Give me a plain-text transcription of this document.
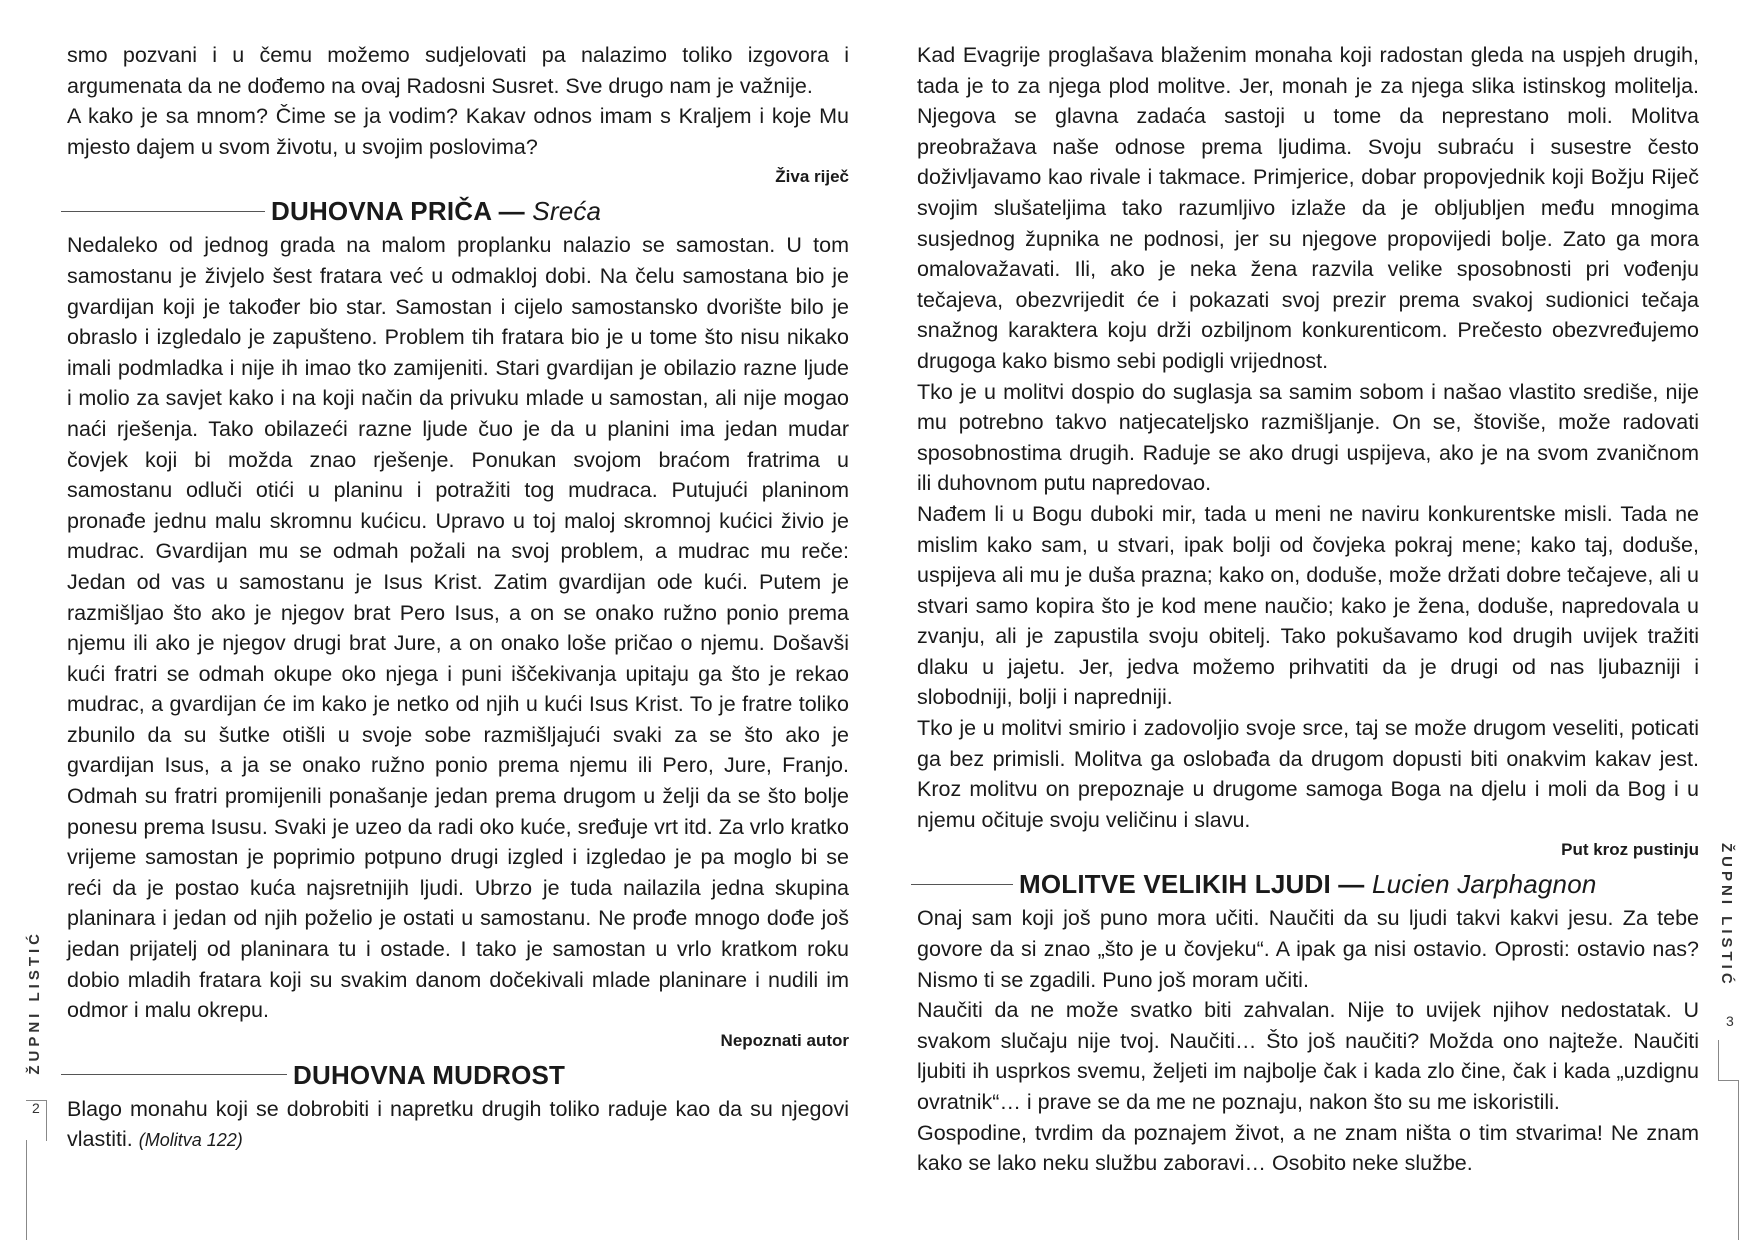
smo pozvani i u čemu možemo sudjelovati pa nalazimo toliko izgovora i argumenata da ne dođemo na ovaj Radosni Susret. Sve drugo nam je važnije.

A kako je sa mnom? Čime se ja vodim? Kakav odnos imam s Kraljem i koje Mu mjesto dajem u svom životu, u svojim poslovima?

Živa riječ
DUHOVNA PRIČA — Sreća

Nedaleko od jednog grada na malom proplanku nalazio se samostan. U tom samostanu je živjelo šest fratara već u odmakloj dobi. Na čelu samostana bio je gvardijan koji je također bio star. Samostan i cijelo samostansko dvorište bilo je obraslo i izgledalo je zapušteno. Problem tih fratara bio je u tome što nisu nikako imali podmladka i nije ih imao tko zamijeniti. Stari gvardijan je obilazio razne ljude i molio za savjet kako i na koji način da privuku mlade u samostan, ali nije mogao naći rješenja. Tako obilazeći razne ljude čuo je da u planini ima jedan mudar čovjek koji bi možda znao rješenje. Ponukan svojom braćom fratrima u samostanu odluči otići u planinu i potražiti tog mudraca. Putujući planinom pronađe jednu malu skromnu kućicu. Upravo u toj maloj skromnoj kućici živio je mudrac. Gvardijan mu se odmah požali na svoj problem, a mudrac mu reče: Jedan od vas u samostanu je Isus Krist. Zatim gvardijan ode kući. Putem je razmišljao što ako je njegov brat Pero Isus, a on se onako ružno ponio prema njemu ili ako je njegov drugi brat Jure, a on onako loše pričao o njemu. Došavši kući fratri se odmah okupe oko njega i puni iščekivanja upitaju ga što je rekao mudrac, a gvardijan će im kako je netko od njih u kući Isus Krist. To je fratre toliko zbunilo da su šutke otišli u svoje sobe razmišljajući svaki za se što ako je gvardijan Isus, a ja se onako ružno ponio prema njemu ili Pero, Jure, Franjo. Odmah su fratri promijenili ponašanje jedan prema drugom u želji da se što bolje ponesu prema Isusu. Svaki je uzeo da radi oko kuće, sređuje vrt itd. Za vrlo kratko vrijeme samostan je poprimio potpuno drugi izgled i izgledao je pa moglo bi se reći da je postao kuća najsretnijih ljudi. Ubrzo je tuda nailazila jedna skupina planinara i jedan od njih poželio je ostati u samostanu. Ne prođe mnogo dođe još jedan prijatelj od planinara tu i ostade. I tako je samostan u vrlo kratkom roku dobio mladih fratara koji su svakim danom dočekivali mlade planinare i nudili im odmor i malu okrepu.

Nepoznati autor
DUHOVNA MUDROST

Blago monahu koji se dobrobiti i napretku drugih toliko raduje kao da su njegovi vlastiti. (Molitva 122)

ŽUPNI LISTIĆ
2

Kad Evagrije proglašava blaženim monaha koji radostan gleda na uspjeh drugih, tada je to za njega plod molitve. Jer, monah je za njega slika istinskog molitelja. Njegova se glavna zadaća sastoji u tome da neprestano moli. Molitva preobražava naše odnose prema ljudima. Svoju subraću i susestre često doživljavamo kao rivale i takmace. Primjerice, dobar propovjednik koji Božju Riječ svojim slušateljima tako razumljivo izlaže da je obljubljen među mnogima susjednog župnika ne podnosi, jer su njegove propovijedi bolje. Zato ga mora omalovažavati. Ili, ako je neka žena razvila velike sposobnosti pri vođenju tečajeva, obezvrijedit će i pokazati svoj prezir prema svakoj sudionici tečaja snažnog karaktera koju drži ozbiljnom konkurenticom. Prečesto obezvređujemo drugoga kako bismo sebi podigli vrijednost.

Tko je u molitvi dospio do suglasja sa samim sobom i našao vlastito središe, nije mu potrebno takvo natjecateljsko razmišljanje. On se, štoviše, može radovati sposobnostima drugih. Raduje se ako drugi uspijeva, ako je na svom zvaničnom ili duhovnom putu napredovao.

Nađem li u Bogu duboki mir, tada u meni ne naviru konkurentske misli. Tada ne mislim kako sam, u stvari, ipak bolji od čovjeka pokraj mene; kako taj, doduše, uspijeva ali mu je duša prazna; kako on, doduše, može držati dobre tečajeve, ali u stvari samo kopira što je kod mene naučio; kako je žena, doduše, napredovala u zvanju, ali je zapustila svoju obitelj. Tako pokušavamo kod drugih uvijek tražiti dlaku u jajetu. Jer, jedva možemo prihvatiti da je drugi od nas ljubazniji i slobodniji, bolji i napredniji.

Tko je u molitvi smirio i zadovoljio svoje srce, taj se može drugom veseliti, poticati ga bez primisli. Molitva ga oslobađa da drugom dopusti biti onakvim kakav jest. Kroz molitvu on prepoznaje u drugome samoga Boga na djelu i moli da Bog i u njemu očituje svoju veličinu i slavu.

Put kroz pustinju
MOLITVE VELIKIH LJUDI — Lucien Jarphagnon

Onaj sam koji još puno mora učiti. Naučiti da su ljudi takvi kakvi jesu. Za tebe govore da si znao „što je u čovjeku“. A ipak ga nisi ostavio. Oprosti: ostavio nas? Nismo ti se zgadili. Puno još moram učiti.

Naučiti da ne može svatko biti zahvalan. Nije to uvijek njihov nedostatak. U svakom slučaju nije tvoj. Naučiti… Što još naučiti? Možda ono najteže. Naučiti ljubiti ih usprkos svemu, željeti im najbolje čak i kada zlo čine, čak i kada „uzdignu ovratnik“… i prave se da me ne poznaju, nakon što su me iskoristili.

Gospodine, tvrdim da poznajem život, a ne znam ništa o tim stvarima! Ne znam kako se lako neku službu zaboravi… Osobito neke službe.

ŽUPNI LISTIĆ
3
